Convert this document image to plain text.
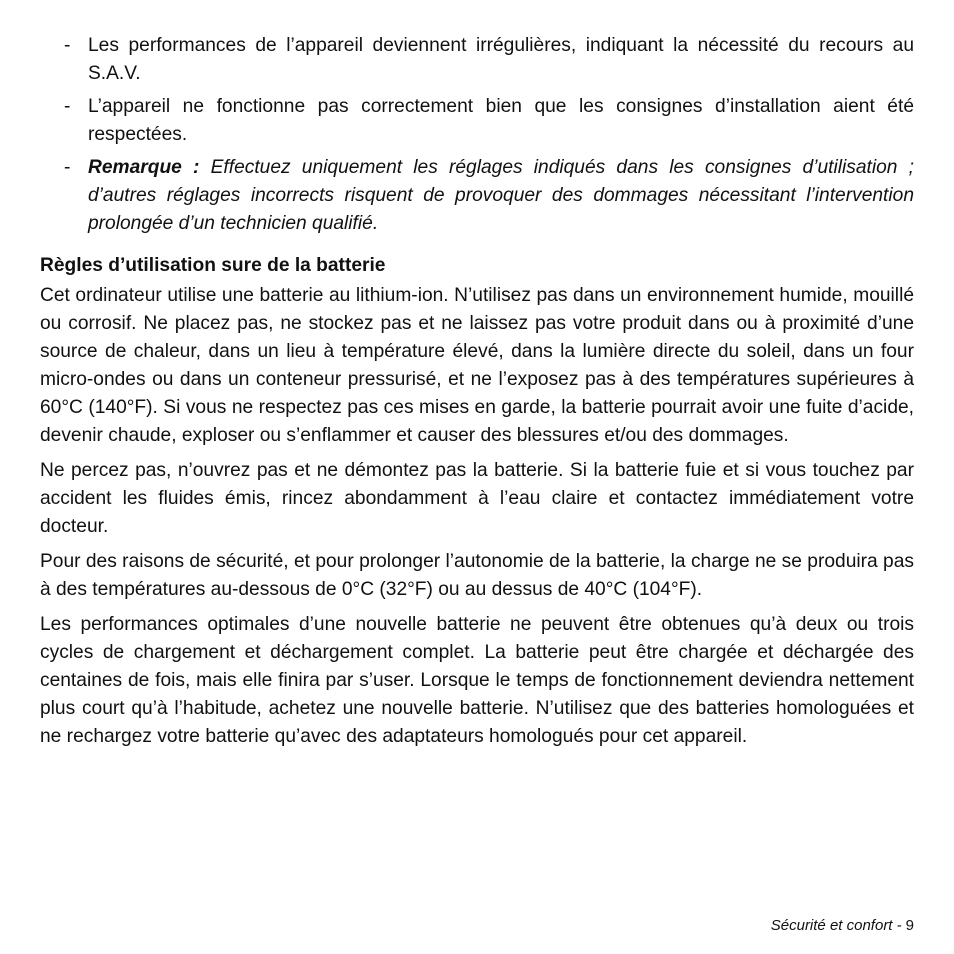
- Les performances de l’appareil deviennent irrégulières, indiquant la nécessité du recours au S.A.V.
- L’appareil ne fonctionne pas correctement bien que les consignes d’installation aient été respectées.
- Remarque : Effectuez uniquement les réglages indiqués dans les consignes d’utilisation ; d’autres réglages incorrects risquent de provoquer des dommages nécessitant l’intervention prolongée d’un technicien qualifié.
Règles d’utilisation sure de la batterie

Cet ordinateur utilise une batterie au lithium-ion. N’utilisez pas dans un environnement humide, mouillé ou corrosif. Ne placez pas, ne stockez pas et ne laissez pas votre produit dans ou à proximité d’une source de chaleur, dans un lieu à température élevé, dans la lumière directe du soleil, dans un four micro-ondes ou dans un conteneur pressurisé, et ne l’exposez pas à des températures supérieures à 60°C (140°F). Si vous ne respectez pas ces mises en garde, la batterie pourrait avoir une fuite d’acide, devenir chaude, exploser ou s’enflammer et causer des blessures et/ou des dommages.

Ne percez pas, n’ouvrez pas et ne démontez pas la batterie. Si la batterie fuie et si vous touchez par accident les fluides émis, rincez abondamment à l’eau claire et contactez immédiatement votre docteur.

Pour des raisons de sécurité, et pour prolonger l’autonomie de la batterie, la charge ne se produira pas à des températures au-dessous de 0°C (32°F) ou au dessus de 40°C (104°F).

Les performances optimales d’une nouvelle batterie ne peuvent être obtenues qu’à deux ou trois cycles de chargement et déchargement complet. La batterie peut être chargée et déchargée des centaines de fois, mais elle finira par s’user. Lorsque le temps de fonctionnement deviendra nettement plus court qu’à l’habitude, achetez une nouvelle batterie. N’utilisez que des batteries homologuées et ne rechargez votre batterie qu’avec des adaptateurs homologués pour cet appareil.

Sécurité et confort - 9
